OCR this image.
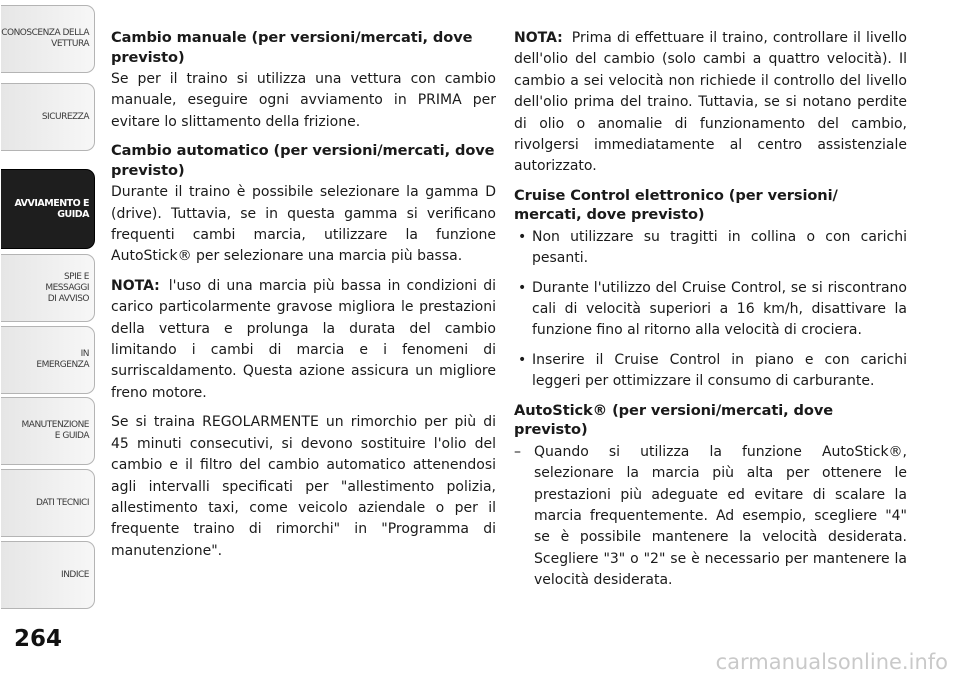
CONOSCENZA DELLA
VETTURA
SICUREZZA
AVVIAMENTO E
GUIDA
SPIE E
MESSAGGI
DI AVVISO
IN
EMERGENZA
MANUTENZIONE
E GUIDA
DATI TECNICI
INDICE
264
Cambio manuale (per versioni/mercati, dove previsto)

Se per il traino si utilizza una vettura con cambio manuale, eseguire ogni avviamento in PRIMA per evitare lo slittamento della frizione.

Cambio automatico (per versioni/mercati, dove previsto)

Durante il traino è possibile selezionare la gamma D (drive). Tuttavia, se in questa gamma si verificano frequenti cambi marcia, utilizzare la funzione AutoStick® per selezionare una marcia più bassa.

NOTA: l'uso di una marcia più bassa in condizioni di carico particolarmente gravose migliora le prestazioni della vettura e prolunga la durata del cambio limitando i cambi di marcia e i fenomeni di surriscaldamento. Questa azione assicura un migliore freno motore.

Se si traina REGOLARMENTE un rimorchio per più di 45 minuti consecutivi, si devono sostituire l'olio del cambio e il filtro del cambio automatico attenendosi agli intervalli specificati per "allestimento polizia, allestimento taxi, come veicolo aziendale o per il frequente traino di rimorchi" in "Programma di manutenzione".

NOTA: Prima di effettuare il traino, controllare il livello dell'olio del cambio (solo cambi a quattro velocità). Il cambio a sei velocità non richiede il controllo del livello dell'olio prima del traino. Tuttavia, se si notano perdite di olio o anomalie di funzionamento del cambio, rivolgersi immediatamente al centro assistenziale autorizzato.

Cruise Control elettronico (per versioni/ mercati, dove previsto)
• Non utilizzare su tragitti in collina o con carichi pesanti.
• Durante l'utilizzo del Cruise Control, se si riscontrano cali di velocità superiori a 16 km/h, disattivare la funzione fino al ritorno alla velocità di crociera.
• Inserire il Cruise Control in piano e con carichi leggeri per ottimizzare il consumo di carburante.
AutoStick® (per versioni/mercati, dove previsto)
– Quando si utilizza la funzione AutoStick®, selezionare la marcia più alta per ottenere le prestazioni più adeguate ed evitare di scalare la marcia frequentemente. Ad esempio, scegliere "4" se è possibile mantenere la velocità desiderata. Scegliere "3" o "2" se è necessario per mantenere la velocità desiderata.
carmanualsonline.info
